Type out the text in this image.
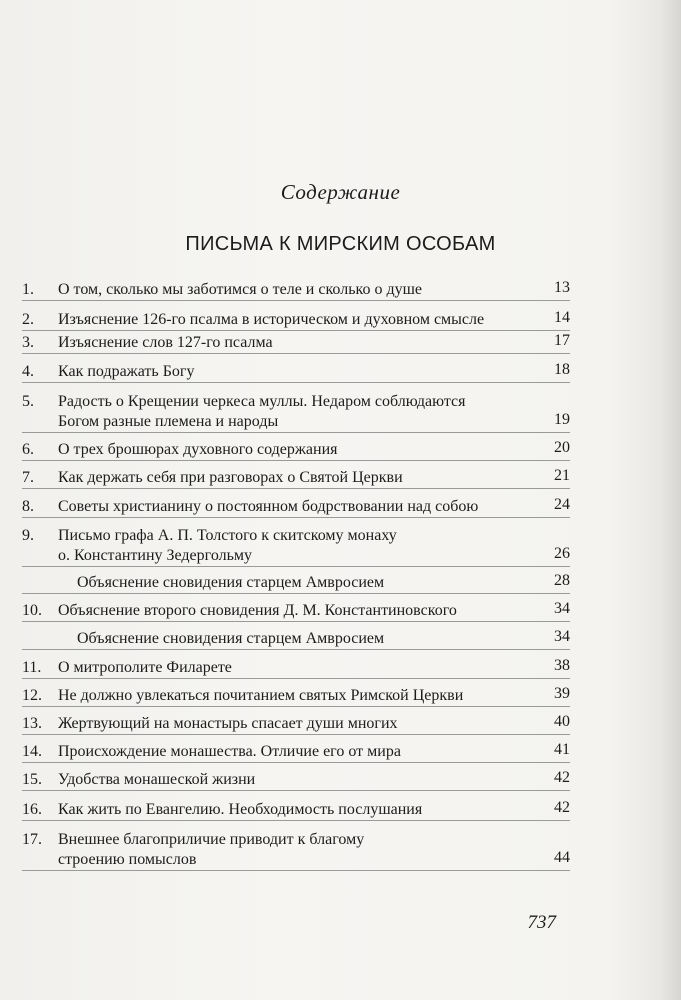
Содержание
ПИСЬМА К МИРСКИМ ОСОБАМ
1.	О том, сколько мы заботимся о теле и сколько о душе	13
2.	Изъяснение 126-го псалма в историческом и духовном смысле	14
3.	Изъяснение слов 127-го псалма	17
4.	Как подражать Богу	18
5.	Радость о Крещении черкеса муллы. Недаром соблюдаются
Богом разные племена и народы	19
6.	О трех брошюрах духовного содержания	20
7.	Как держать себя при разговорах о Святой Церкви	21
8.	Советы христианину о постоянном бодрствовании над собою	24
9.	Письмо графа А. П. Толстого к скитскому монаху
о. Константину Зедергольму	26
Объяснение сновидения старцем Амвросием	28
10.	Объяснение второго сновидения Д. М. Константиновского	34
Объяснение сновидения старцем Амвросием	34
11.	О митрополите Филарете	38
12.	Не должно увлекаться почитанием святых Римской Церкви	39
13.	Жертвующий на монастырь спасает души многих	40
14.	Происхождение монашества. Отличие его от мира	41
15.	Удобства монашеской жизни	42
16.	Как жить по Евангелию. Необходимость послушания	42
17.	Внешнее благоприличие приводит к благому
строению помыслов	44
737
